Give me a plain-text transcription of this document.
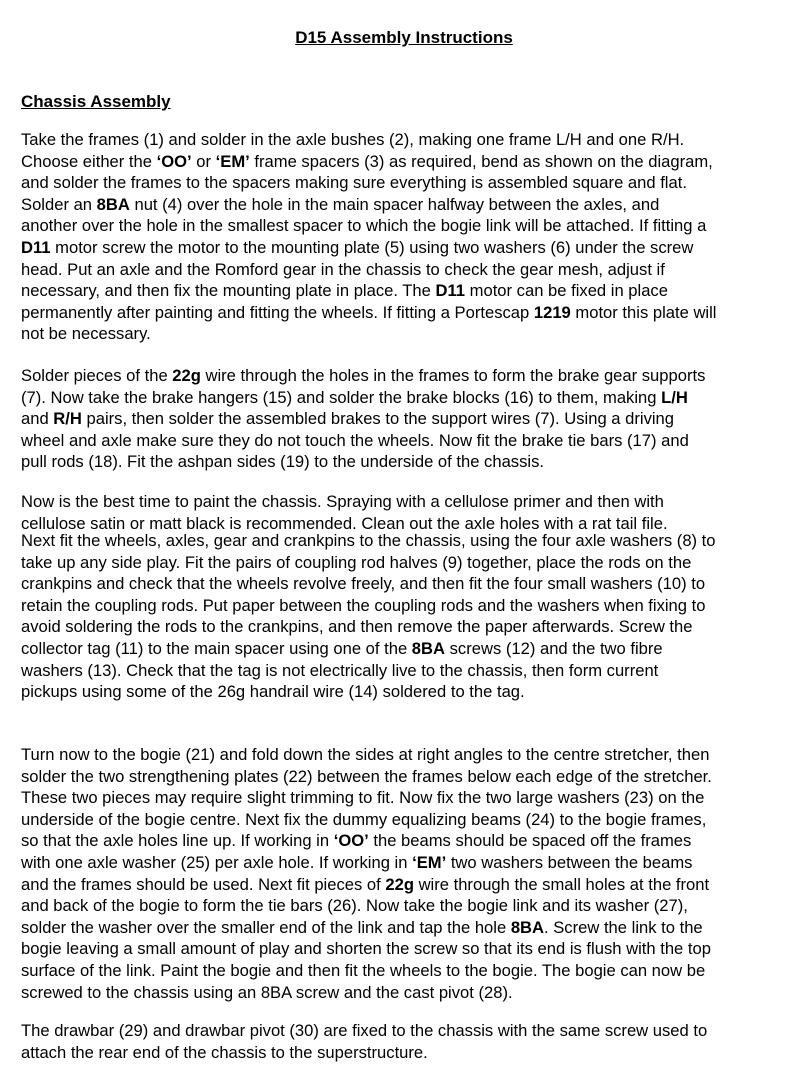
D15 Assembly Instructions
Chassis Assembly
Take the frames (1) and solder in the axle bushes (2), making one frame L/H and one R/H.
Choose either the ‘OO’ or ‘EM’ frame spacers (3) as required, bend as shown on the diagram,
and solder the frames to the spacers making sure everything is assembled square and flat.
Solder an 8BA nut (4) over the hole in the main spacer halfway between the axles, and
another over the hole in the smallest spacer to which the bogie link will be attached. If fitting a
D11 motor screw the motor to the mounting plate (5) using two washers (6) under the screw
head. Put an axle and the Romford gear in the chassis to check the gear mesh, adjust if
necessary, and then fix the mounting plate in place. The D11 motor can be fixed in place
permanently after painting and fitting the wheels. If fitting a Portescap 1219 motor this plate will
not be necessary.
Solder pieces of the 22g wire through the holes in the frames to form the brake gear supports
(7). Now take the brake hangers (15) and solder the brake blocks (16) to them, making L/H
and R/H pairs, then solder the assembled brakes to the support wires (7). Using a driving
wheel and axle make sure they do not touch the wheels. Now fit the brake tie bars (17) and
pull rods (18). Fit the ashpan sides (19) to the underside of the chassis.
Now is the best time to paint the chassis. Spraying with a cellulose primer and then with
cellulose satin or matt black is recommended. Clean out the axle holes with a rat tail file.
Next fit the wheels, axles, gear and crankpins to the chassis, using the four axle washers (8) to
take up any side play. Fit the pairs of coupling rod halves (9) together, place the rods on the
crankpins and check that the wheels revolve freely, and then fit the four small washers (10) to
retain the coupling rods. Put paper between the coupling rods and the washers when fixing to
avoid soldering the rods to the crankpins, and then remove the paper afterwards. Screw the
collector tag (11) to the main spacer using one of the 8BA screws (12) and the two fibre
washers (13). Check that the tag is not electrically live to the chassis, then form current
pickups using some of the 26g handrail wire (14) soldered to the tag.
Turn now to the bogie (21) and fold down the sides at right angles to the centre stretcher, then
solder the two strengthening plates (22) between the frames below each edge of the stretcher.
These two pieces may require slight trimming to fit. Now fix the two large washers (23) on the
underside of the bogie centre. Next fix the dummy equalizing beams (24) to the bogie frames,
so that the axle holes line up. If working in ‘OO’ the beams should be spaced off the frames
with one axle washer (25) per axle hole. If working in ‘EM’ two washers between the beams
and the frames should be used. Next fit pieces of 22g wire through the small holes at the front
and back of the bogie to form the tie bars (26). Now take the bogie link and its washer (27),
solder the washer over the smaller end of the link and tap the hole 8BA. Screw the link to the
bogie leaving a small amount of play and shorten the screw so that its end is flush with the top
surface of the link. Paint the bogie and then fit the wheels to the bogie. The bogie can now be
screwed to the chassis using an 8BA screw and the cast pivot (28).
The drawbar (29) and drawbar pivot (30) are fixed to the chassis with the same screw used to
attach the rear end of the chassis to the superstructure.
